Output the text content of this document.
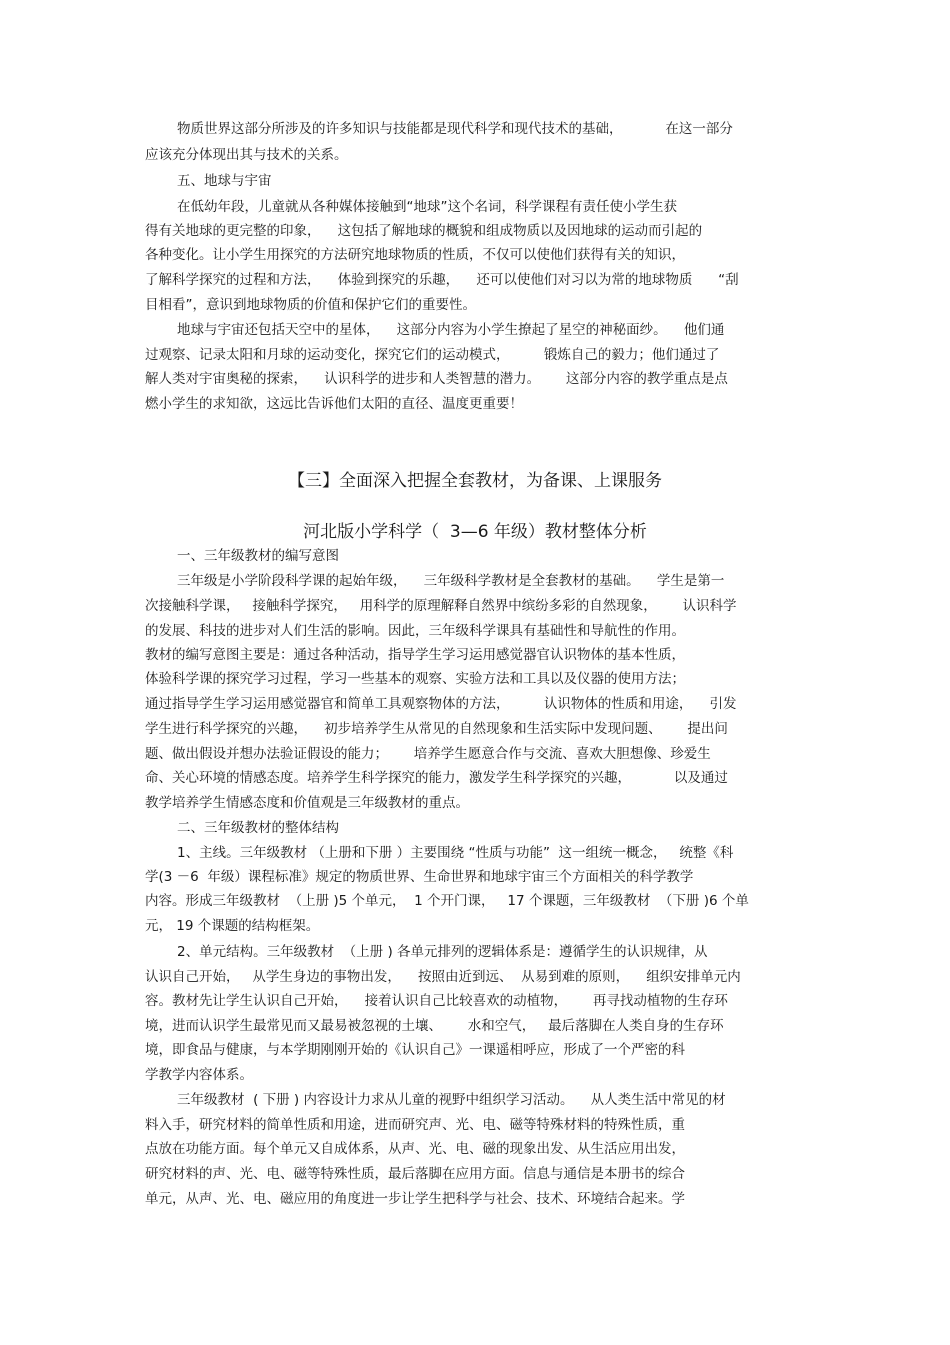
物质世界这部分所涉及的许多知识与技能都是现代科学和现代技术的基础，          在这一部分
应该充分体现出其与技术的关系。
五、地球与宇宙
在低幼年段，儿童就从各种媒体接触到“地球”这个名词，科学课程有责任使小学生获
得有关地球的更完整的印象，    这包括了解地球的概貌和组成物质以及因地球的运动而引起的
各种变化。让小学生用探究的方法研究地球物质的性质，不仅可以使他们获得有关的知识，
了解科学探究的过程和方法，    体验到探究的乐趣，    还可以使他们对习以为常的地球物质      “刮
目相看”，意识到地球物质的价值和保护它们的重要性。
地球与宇宙还包括天空中的星体，    这部分内容为小学生撩起了星空的神秘面纱。    他们通
过观察、记录太阳和月球的运动变化，探究它们的运动模式，        锻炼自己的毅力；他们通过了
解人类对宇宙奥秘的探索，    认识科学的进步和人类智慧的潜力。      这部分内容的教学重点是点
燃小学生的求知欲，这远比告诉他们太阳的直径、温度更重要！
【三】全面深入把握全套教材，为备课、上课服务
河北版小学科学（  3—6 年级）教材整体分析
一、三年级教材的编写意图
三年级是小学阶段科学课的起始年级，    三年级科学教材是全套教材的基础。    学生是第一
次接触科学课，   接触科学探究，   用科学的原理解释自然界中缤纷多彩的自然现象，      认识科学
的发展、科技的进步对人们生活的影响。因此，三年级科学课具有基础性和导航性的作用。
教材的编写意图主要是：通过各种活动，指导学生学习运用感觉器官认识物体的基本性质，
体验科学课的探究学习过程，学习一些基本的观察、实验方法和工具以及仪器的使用方法；
通过指导学生学习运用感觉器官和简单工具观察物体的方法，        认识物体的性质和用途，    引发
学生进行科学探究的兴趣，    初步培养学生从常见的自然现象和生活实际中发现问题、      提出问
题、做出假设并想办法验证假设的能力；      培养学生愿意合作与交流、喜欢大胆想像、珍爱生
命、关心环境的情感态度。培养学生科学探究的能力，激发学生科学探究的兴趣，          以及通过
教学培养学生情感态度和价值观是三年级教材的重点。
二、三年级教材的整体结构
1、主线。三年级教材 （上册和下册 ）主要围绕 “性质与功能”  这一组统一概念，   统整《科
学(3 －6  年级）课程标准》规定的物质世界、生命世界和地球宇宙三个方面相关的科学教学
内容。形成三年级教材  （上册 )5 个单元，  1 个开门课，   17 个课题，三年级教材  （下册 )6 个单
元， 19 个课题的结构框架。
2、单元结构。三年级教材  （上册 ) 各单元排列的逻辑体系是：遵循学生的认识规律，从
认识自己开始，   从学生身边的事物出发，    按照由近到远、  从易到难的原则，    组织安排单元内
容。教材先让学生认识自己开始，    接着认识自己比较喜欢的动植物，      再寻找动植物的生存环
境，进而认识学生最常见而又最易被忽视的土壤、      水和空气，   最后落脚在人类自身的生存环
境，即食品与健康，与本学期刚刚开始的《认识自己》一课遥相呼应，形成了一个严密的科
学教学内容体系。
三年级教材  ( 下册 ) 内容设计力求从儿童的视野中组织学习活动。    从人类生活中常见的材
料入手，研究材料的简单性质和用途，进而研究声、光、电、磁等特殊材料的特殊性质，重
点放在功能方面。每个单元又自成体系，从声、光、电、磁的现象出发、从生活应用出发，
研究材料的声、光、电、磁等特殊性质，最后落脚在应用方面。信息与通信是本册书的综合
单元，从声、光、电、磁应用的角度进一步让学生把科学与社会、技术、环境结合起来。学
